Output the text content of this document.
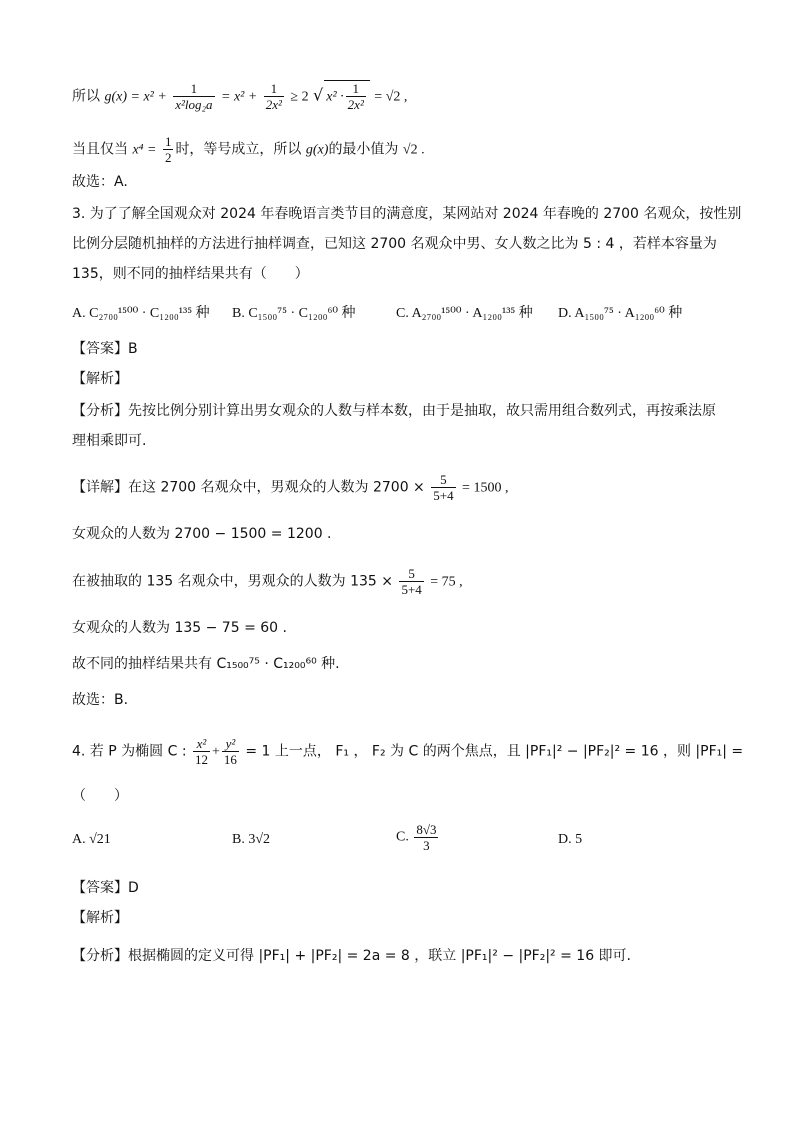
所以 $g(x) = x^2 + \frac{1}{\text{x²log₂a}} = x^2 + \frac{1}{\text{2x²}} \ge 2$ √ $x^2 \cdot \frac{1}{\text{2x²}} = √2$ ,
当且仅当 $x^4 = \frac{1}{2}$ 时，等号成立，所以 g(x)的最小值为 √2 .
故选：A.
3. 为了了解全国观众对 2024 年春晚语言类节目的满意度，某网站对 2024 年春晚的 2700 名观众，按性别
比例分层随机抽样的方法进行抽样调查，已知这 2700 名观众中男、女人数之比为 5 : 4 ，若样本容量为
135，则不同的抽样结果共有（　　）
A. C₂₇₀₀¹⁵⁰⁰ · C₁₂₀₀¹³⁵ 种 B. C₁₅₀₀⁷⁵ · C₁₂₀₀⁶⁰ 种	C. A₂₇₀₀¹⁵⁰⁰ · A₁₂₀₀¹³⁵ 种 D. A₁₅₀₀⁷⁵ · A₁₂₀₀⁶⁰ 种
【答案】B
【解析】
【分析】先按比例分别计算出男女观众的人数与样本数，由于是抽取，故只需用组合数列式，再按乘法原
理相乘即可.
【详解】在这 2700 名观众中，男观众的人数为 $2700 \times \frac{5}{5+4} = 1500$ ,
女观众的人数为 2700 − 1500 = 1200 .
在被抽取的 135 名观众中，男观众的人数为 $135 \times \frac{5}{5+4} = 75$ ,
女观众的人数为 135 − 75 = 60 .
故不同的抽样结果共有 C₁₅₀₀⁷⁵ · C₁₂₀₀⁶⁰ 种.
故选：B.
4. 若 P 为椭圆 C : $\frac{\text{x²}}{12} + \frac{\text{y²}}{16} = 1$ 上一点， F₁ ， F₂ 为 C 的两个焦点，且 |PF₁|² − |PF₂|² = 16 ，则 |PF₁| =
（　　）
A. √21	B. 3√2	C. $\frac{8√3}{3}$	D. 5
【答案】D
【解析】
【分析】根据椭圆的定义可得 |PF₁| + |PF₂| = 2a = 8 ，联立 |PF₁|² − |PF₂|² = 16 即可.
